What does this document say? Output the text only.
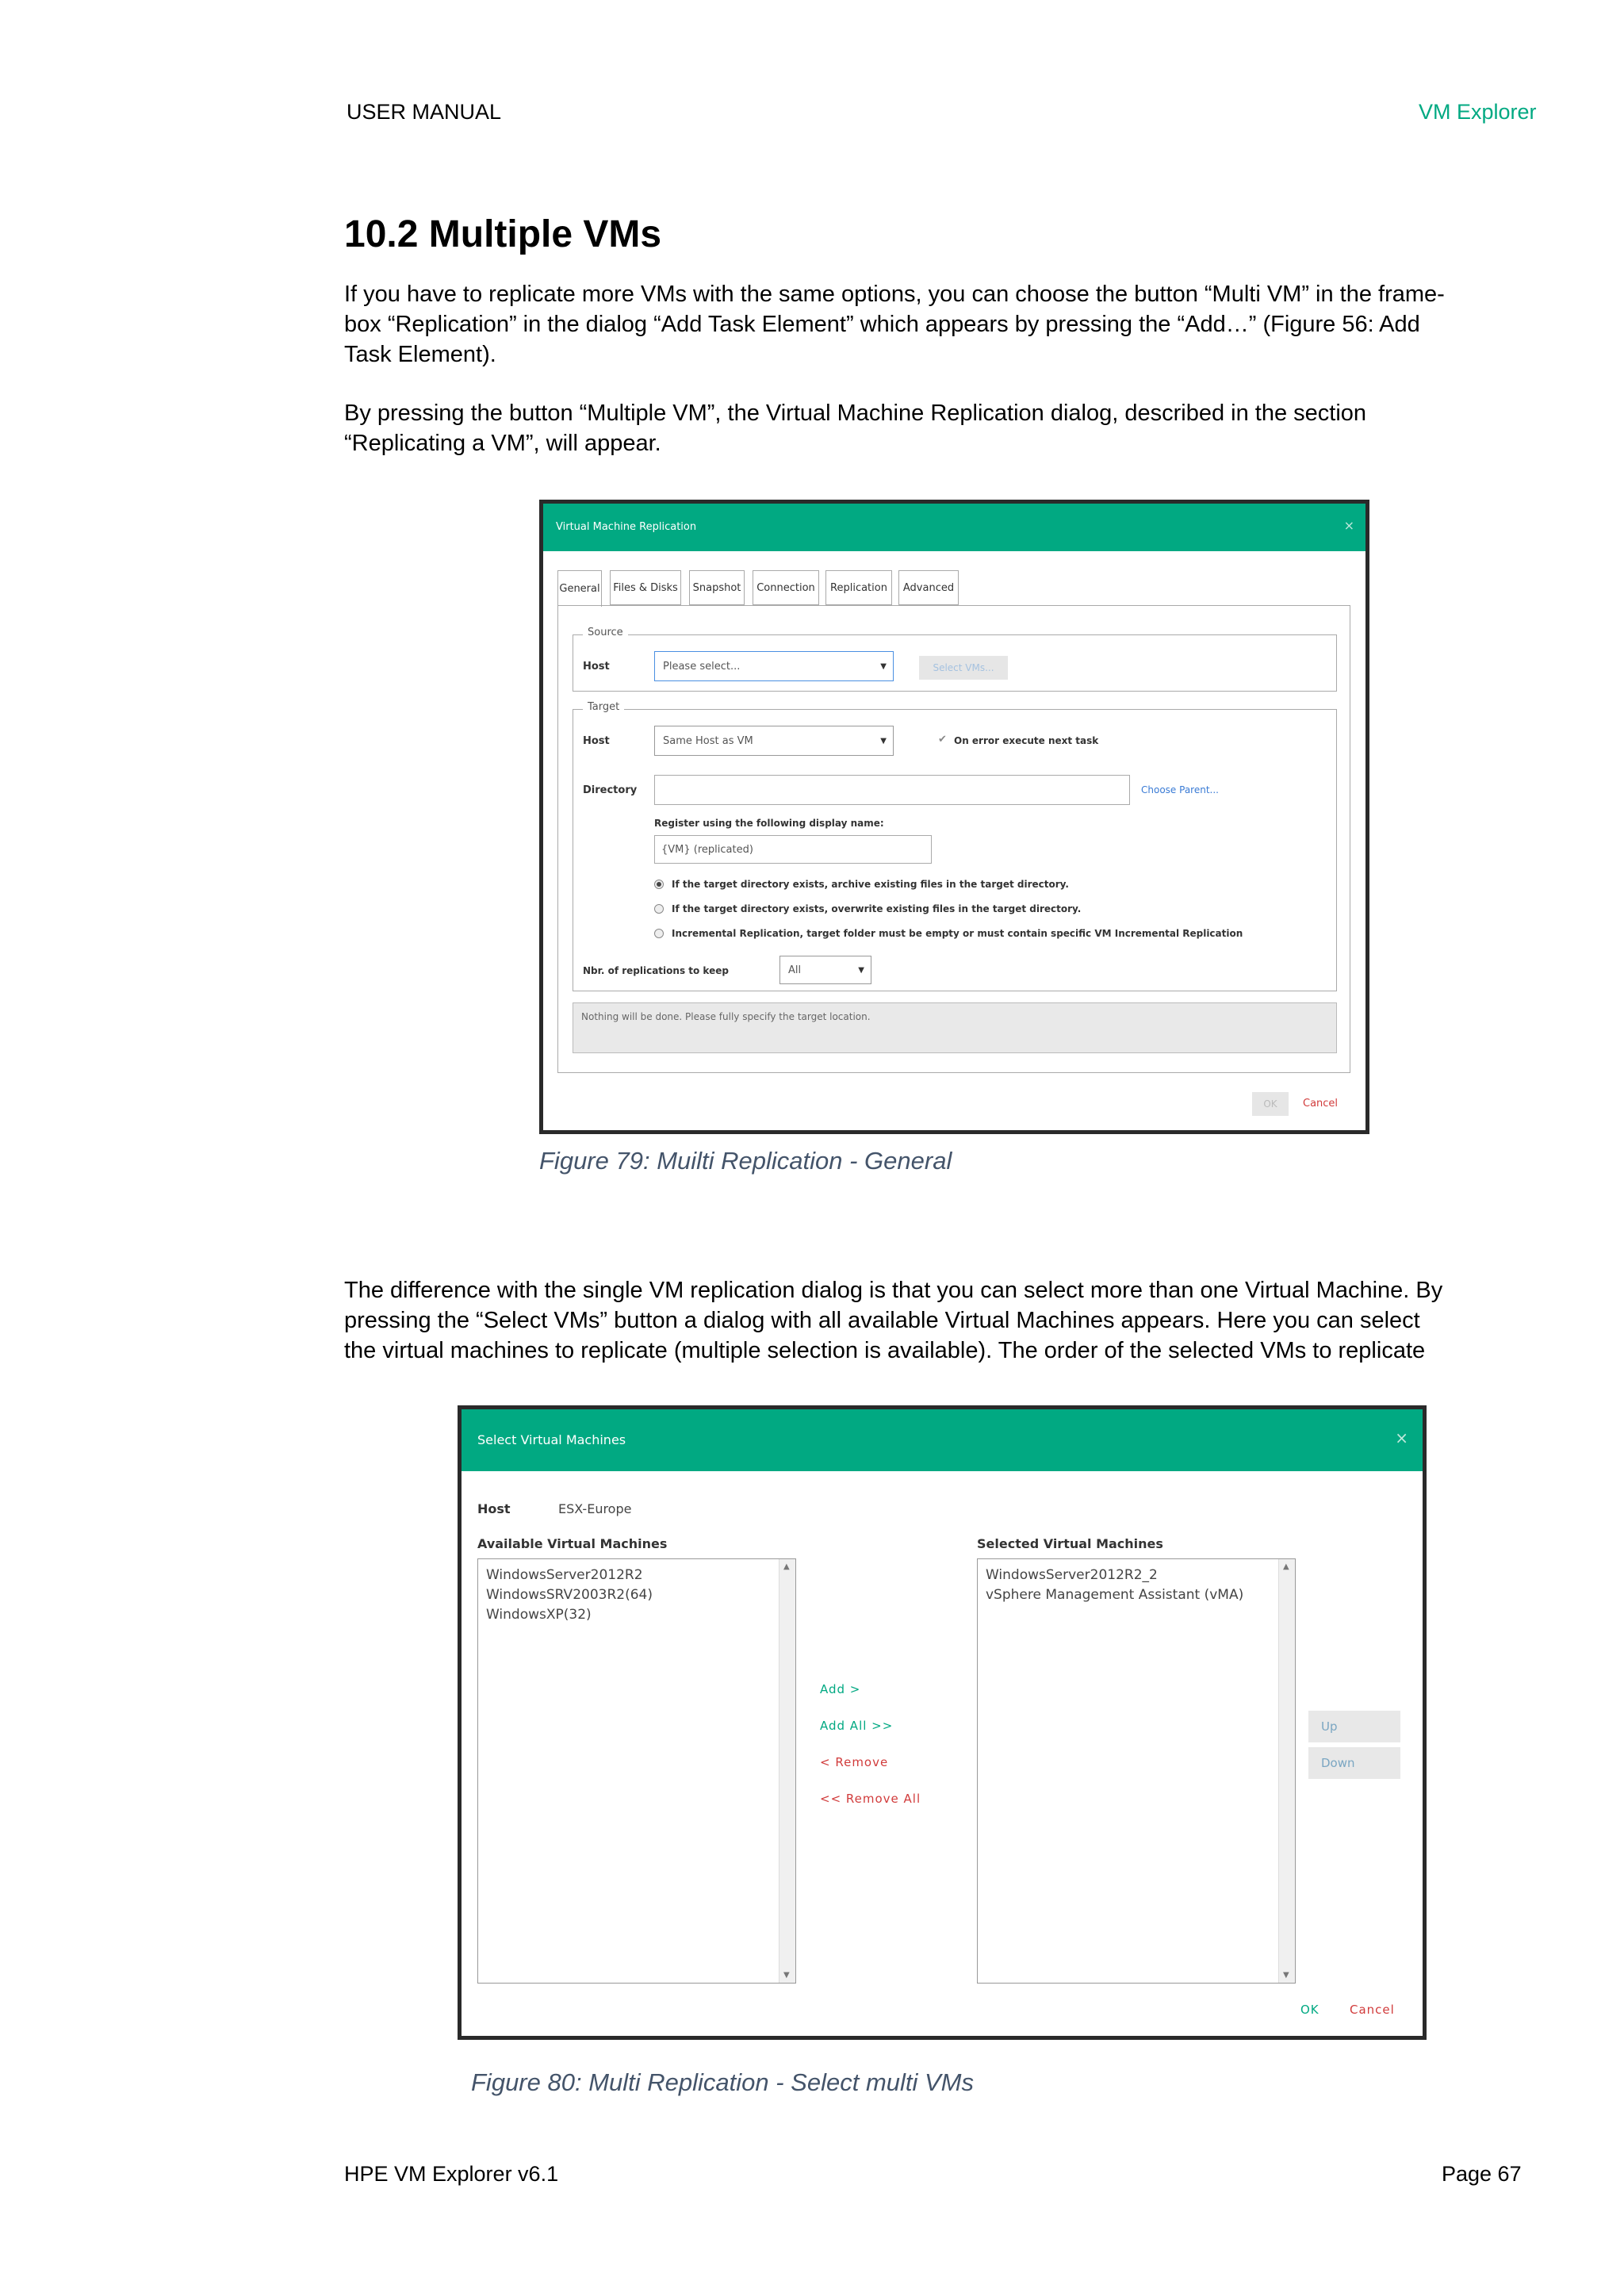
USER MANUAL	VM Explorer
10.2 Multiple VMs
If you have to replicate more VMs with the same options, you can choose the button “Multi VM” in the frame-
box “Replication” in the dialog “Add Task Element” which appears by pressing the “Add…” (Figure 56: Add
Task Element).
By pressing the button “Multiple VM”, the Virtual Machine Replication dialog, described in the section
“Replicating a VM”, will appear.
Virtual Machine Replication	×
General	Files & Disks	Snapshot	Connection	Replication	Advanced
Source
Host	Please select...	▼	Select VMs...
Target
Host	Same Host as VM	▼	✔ On error execute next task
Directory	Choose Parent...
Register using the following display name:
{VM} (replicated)
If the target directory exists, archive existing files in the target directory.
If the target directory exists, overwrite existing files in the target directory.
Incremental Replication, target folder must be empty or must contain specific VM Incremental Replication
Nbr. of replications to keep	All	▼
Nothing will be done. Please fully specify the target location.
OK	Cancel
Figure 79: Muilti Replication - General
The difference with the single VM replication dialog is that you can select more than one Virtual Machine. By
pressing the “Select VMs” button a dialog with all available Virtual Machines appears. Here you can select
the virtual machines to replicate (multiple selection is available). The order of the selected VMs to replicate
Select Virtual Machines	×
Host	ESX-Europe
Available Virtual Machines
WindowsServer2012R2
WindowsSRV2003R2(64)
WindowsXP(32)
▲
▼
Add >
Add All >>
< Remove
<< Remove All
Selected Virtual Machines
WindowsServer2012R2_2
vSphere Management Assistant (vMA)
▲
▼
Up
Down
OK	Cancel
Figure 80: Multi Replication - Select multi VMs
HPE VM Explorer v6.1	Page 67
